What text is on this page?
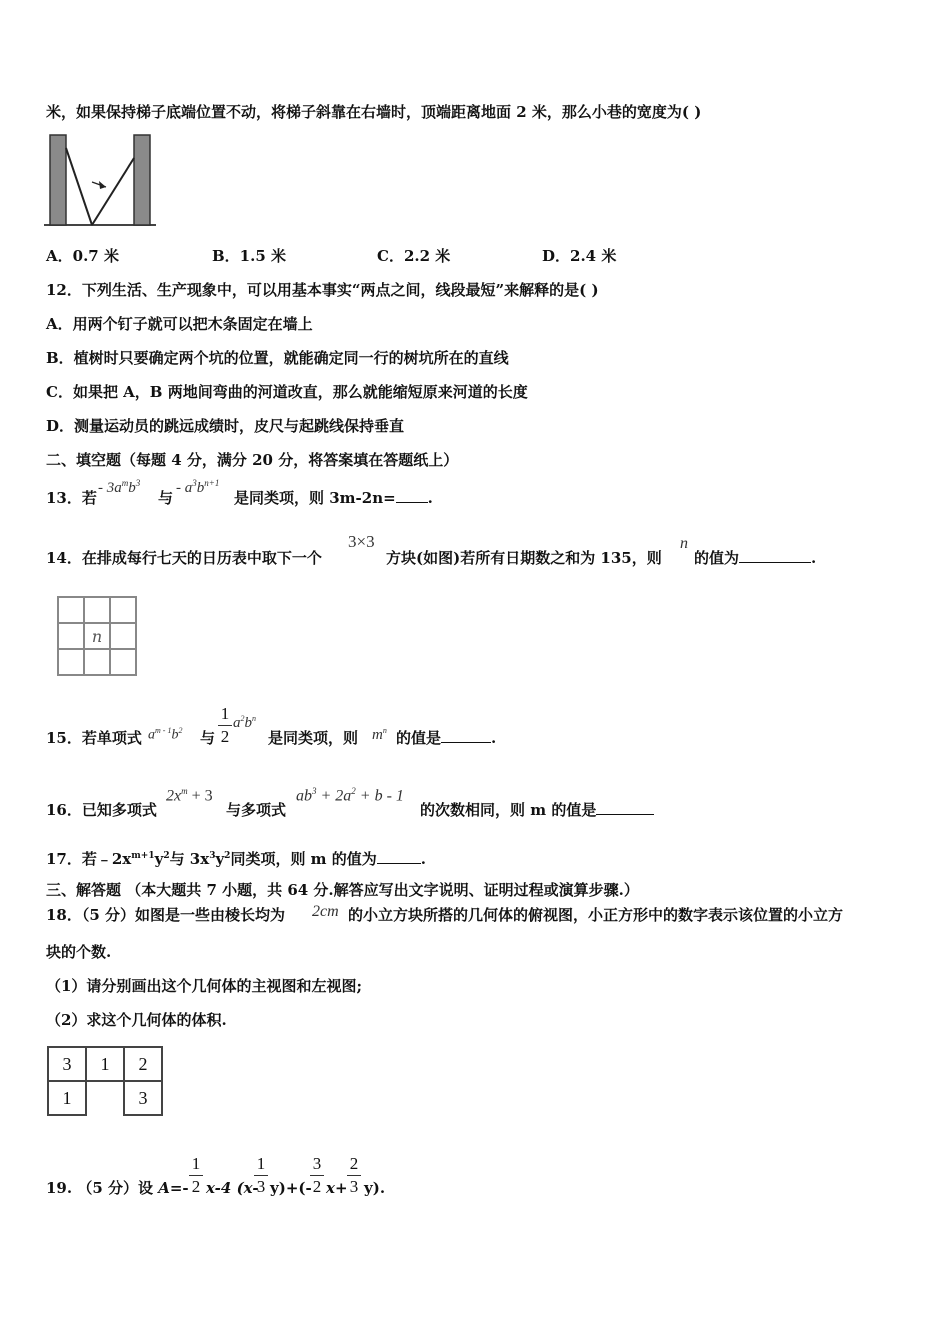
米，如果保持梯子底端位置不动，将梯子斜靠在右墙时，顶端距离地面 2 米，那么小巷的宽度为( )
A．0.7 米	B．1.5 米	C．2.2 米	D．2.4 米
12．下列生活、生产现象中，可以用基本事实“两点之间，线段最短”来解释的是( )
A．用两个钉子就可以把木条固定在墙上
B．植树时只要确定两个坑的位置，就能确定同一行的树坑所在的直线
C．如果把 A，B 两地间弯曲的河道改直，那么就能缩短原来河道的长度
D．测量运动员的跳远成绩时，皮尺与起跳线保持垂直
二、填空题（每题 4 分，满分 20 分，将答案填在答题纸上）
13．若
- $3a^mb^3$
与
- $a^3b^{n+1}$
是同类项，则 3m-2n= .
14．在排成每行七天的日历表中取下一个
3×3
方块(如图)若所有日期数之和为 135，则
n
的值为	.

	n	

15．若单项式 $a^{m - 1}b^2$ 与
1
2
$a^2b^n$
是同类项，则 $m^n$ 的值是	.
16．已知多项式
$2x^m + 3$
与多项式
$ab^3 + 2a^2 + b - 1$
的次数相同，则 m 的值是
17．若$﹣2x^{m+1}y^2$与 $3x^3y^2$同类项，则 m 的值为	.
三、解答题 （本大题共 7 小题，共 64 分.解答应写出文字说明、证明过程或演算步骤.）
18．（5 分）如图是一些由棱长均为 2cm 的小立方块所搭的几何体的俯视图，小正方形中的数字表示该位置的小立方
块的个数.
（1）请分别画出这个几何体的主视图和左视图;
（2）求这个几何体的体积.
3	1	2
1		3
19. （5 分）设 A=-
1
2 x-4 (x-
1
3 y)+(-
3
2 x+
2
3 y).
